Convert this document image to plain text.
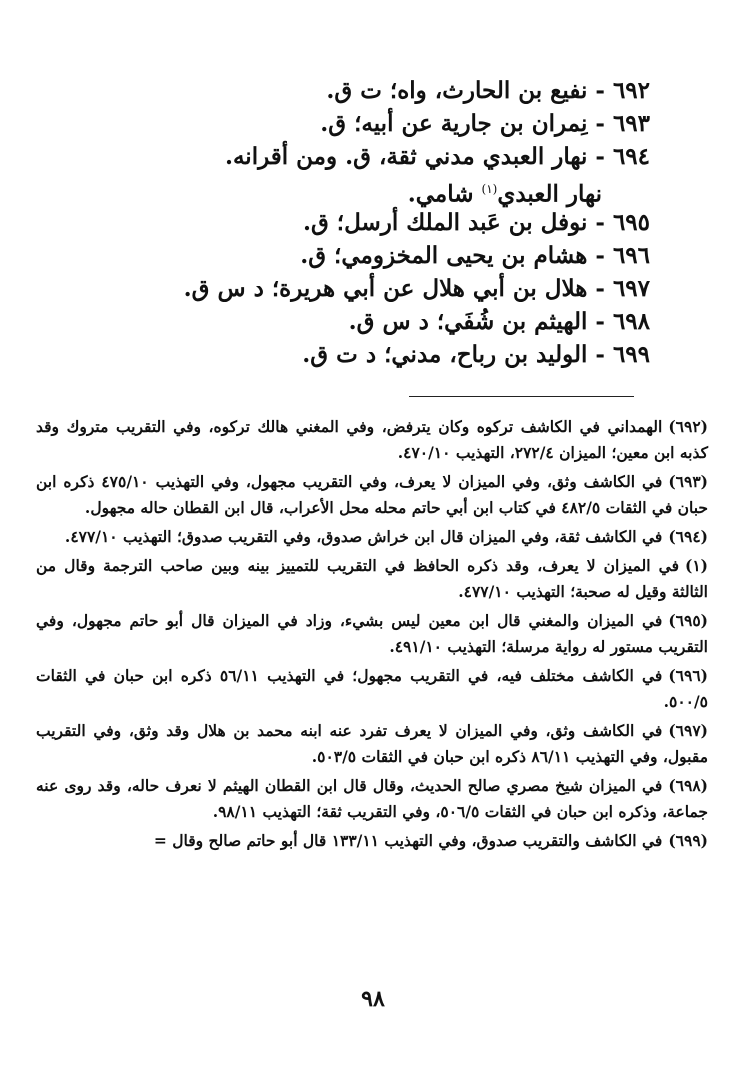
٦٩٢ -نفيع بن الحارث، واه؛ ت ق.
٦٩٣ -نِمران بن جارية عن أبيه؛ ق.
٦٩٤ -نهار العبدي مدني ثقة، ق. ومن أقرانه.
نهار العبدي$^{(١)}$ شامي.
٦٩٥ -نوفل بن عَبد الملك أرسل؛ ق.
٦٩٦ -هشام بن يحيى المخزومي؛ ق.
٦٩٧ -هلال بن أبي هلال عن أبي هريرة؛ د س ق.
٦٩٨ -الهيثم بن شُفَي؛ د س ق.
٦٩٩ -الوليد بن رباح، مدني؛ د ت ق.
(٦٩٢)الهمداني في الكاشف تركوه وكان يترفض، وفي المغني هالك تركوه، وفي التقريب متروك وقد كذبه ابن معين؛ الميزان ٢٧٢/٤، التهذيب ٤٧٠/١٠.
(٦٩٣)في الكاشف وثق، وفي الميزان لا يعرف، وفي التقريب مجهول، وفي التهذيب ٤٧٥/١٠ ذكره ابن حبان في الثقات ٤٨٢/٥ في كتاب ابن أبي حاتم محله محل الأعراب، قال ابن القطان حاله مجهول.
(٦٩٤)في الكاشف ثقة، وفي الميزان قال ابن خراش صدوق، وفي التقريب صدوق؛ التهذيب ٤٧٧/١٠.
(١)في الميزان لا يعرف، وقد ذكره الحافظ في التقريب للتمييز بينه وبين صاحب الترجمة وقال من الثالثة وقيل له صحبة؛ التهذيب ٤٧٧/١٠.
(٦٩٥)في الميزان والمغني قال ابن معين ليس بشيء، وزاد في الميزان قال أبو حاتم مجهول، وفي التقريب مستور له رواية مرسلة؛ التهذيب ٤٩١/١٠.
(٦٩٦)في الكاشف مختلف فيه، في التقريب مجهول؛ في التهذيب ٥٦/١١ ذكره ابن حبان في الثقات ٥٠٠/٥.
(٦٩٧)في الكاشف وثق، وفي الميزان لا يعرف تفرد عنه ابنه محمد بن هلال وقد وثق، وفي التقريب مقبول، وفي التهذيب ٨٦/١١ ذكره ابن حبان في الثقات ٥٠٣/٥.
(٦٩٨)في الميزان شيخ مصري صالح الحديث، وقال قال ابن القطان الهيثم لا نعرف حاله، وقد روى عنه جماعة، وذكره ابن حبان في الثقات ٥٠٦/٥، وفي التقريب ثقة؛ التهذيب ٩٨/١١.
(٦٩٩)في الكاشف والتقريب صدوق، وفي التهذيب ١٣٣/١١ قال أبو حاتم صالح وقال =
٩٨
